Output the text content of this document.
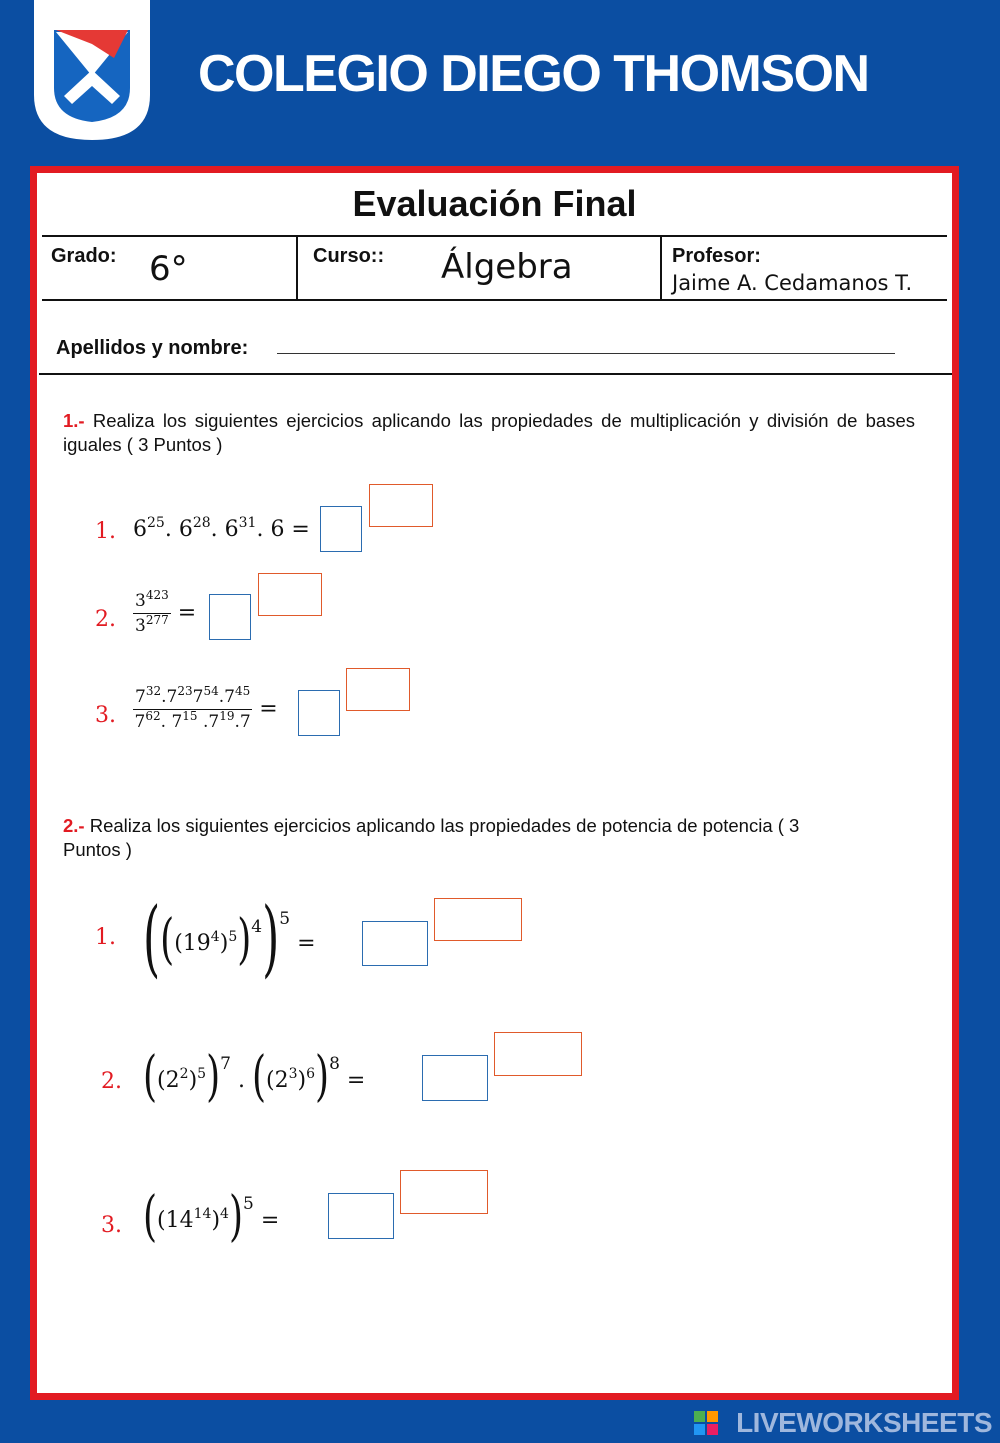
COLEGIO DIEGO THOMSON
Evaluación Final
Grado: 6°	Curso:: Álgebra	Profesor:
Jaime A. Cedamanos T.
Apellidos y nombre:
1.- Realiza los siguientes ejercicios aplicando las propiedades de multiplicación y división de bases iguales ( 3 Puntos )
1. $6^{25}$. $6^{28}$. $6^{31}$. 6 =
2. $\frac{3^{423}}{3^{277}}$ =
3. $\frac{7^{32}.7^{23}7^{54}.7^{45}}{7^{62}. 7^{15} .7^{19}.7}$ =
2.- Realiza los siguientes ejercicios aplicando las propiedades de potencia de potencia ( 3 Puntos )
1. $(((19^4)^5)^4)^5$ =
2. $((2^2)^5)^7$ . $((2^3)^6)^8$ =
3. $((14^{14})^4)^5$ =
LIVEWORKSHEETS
